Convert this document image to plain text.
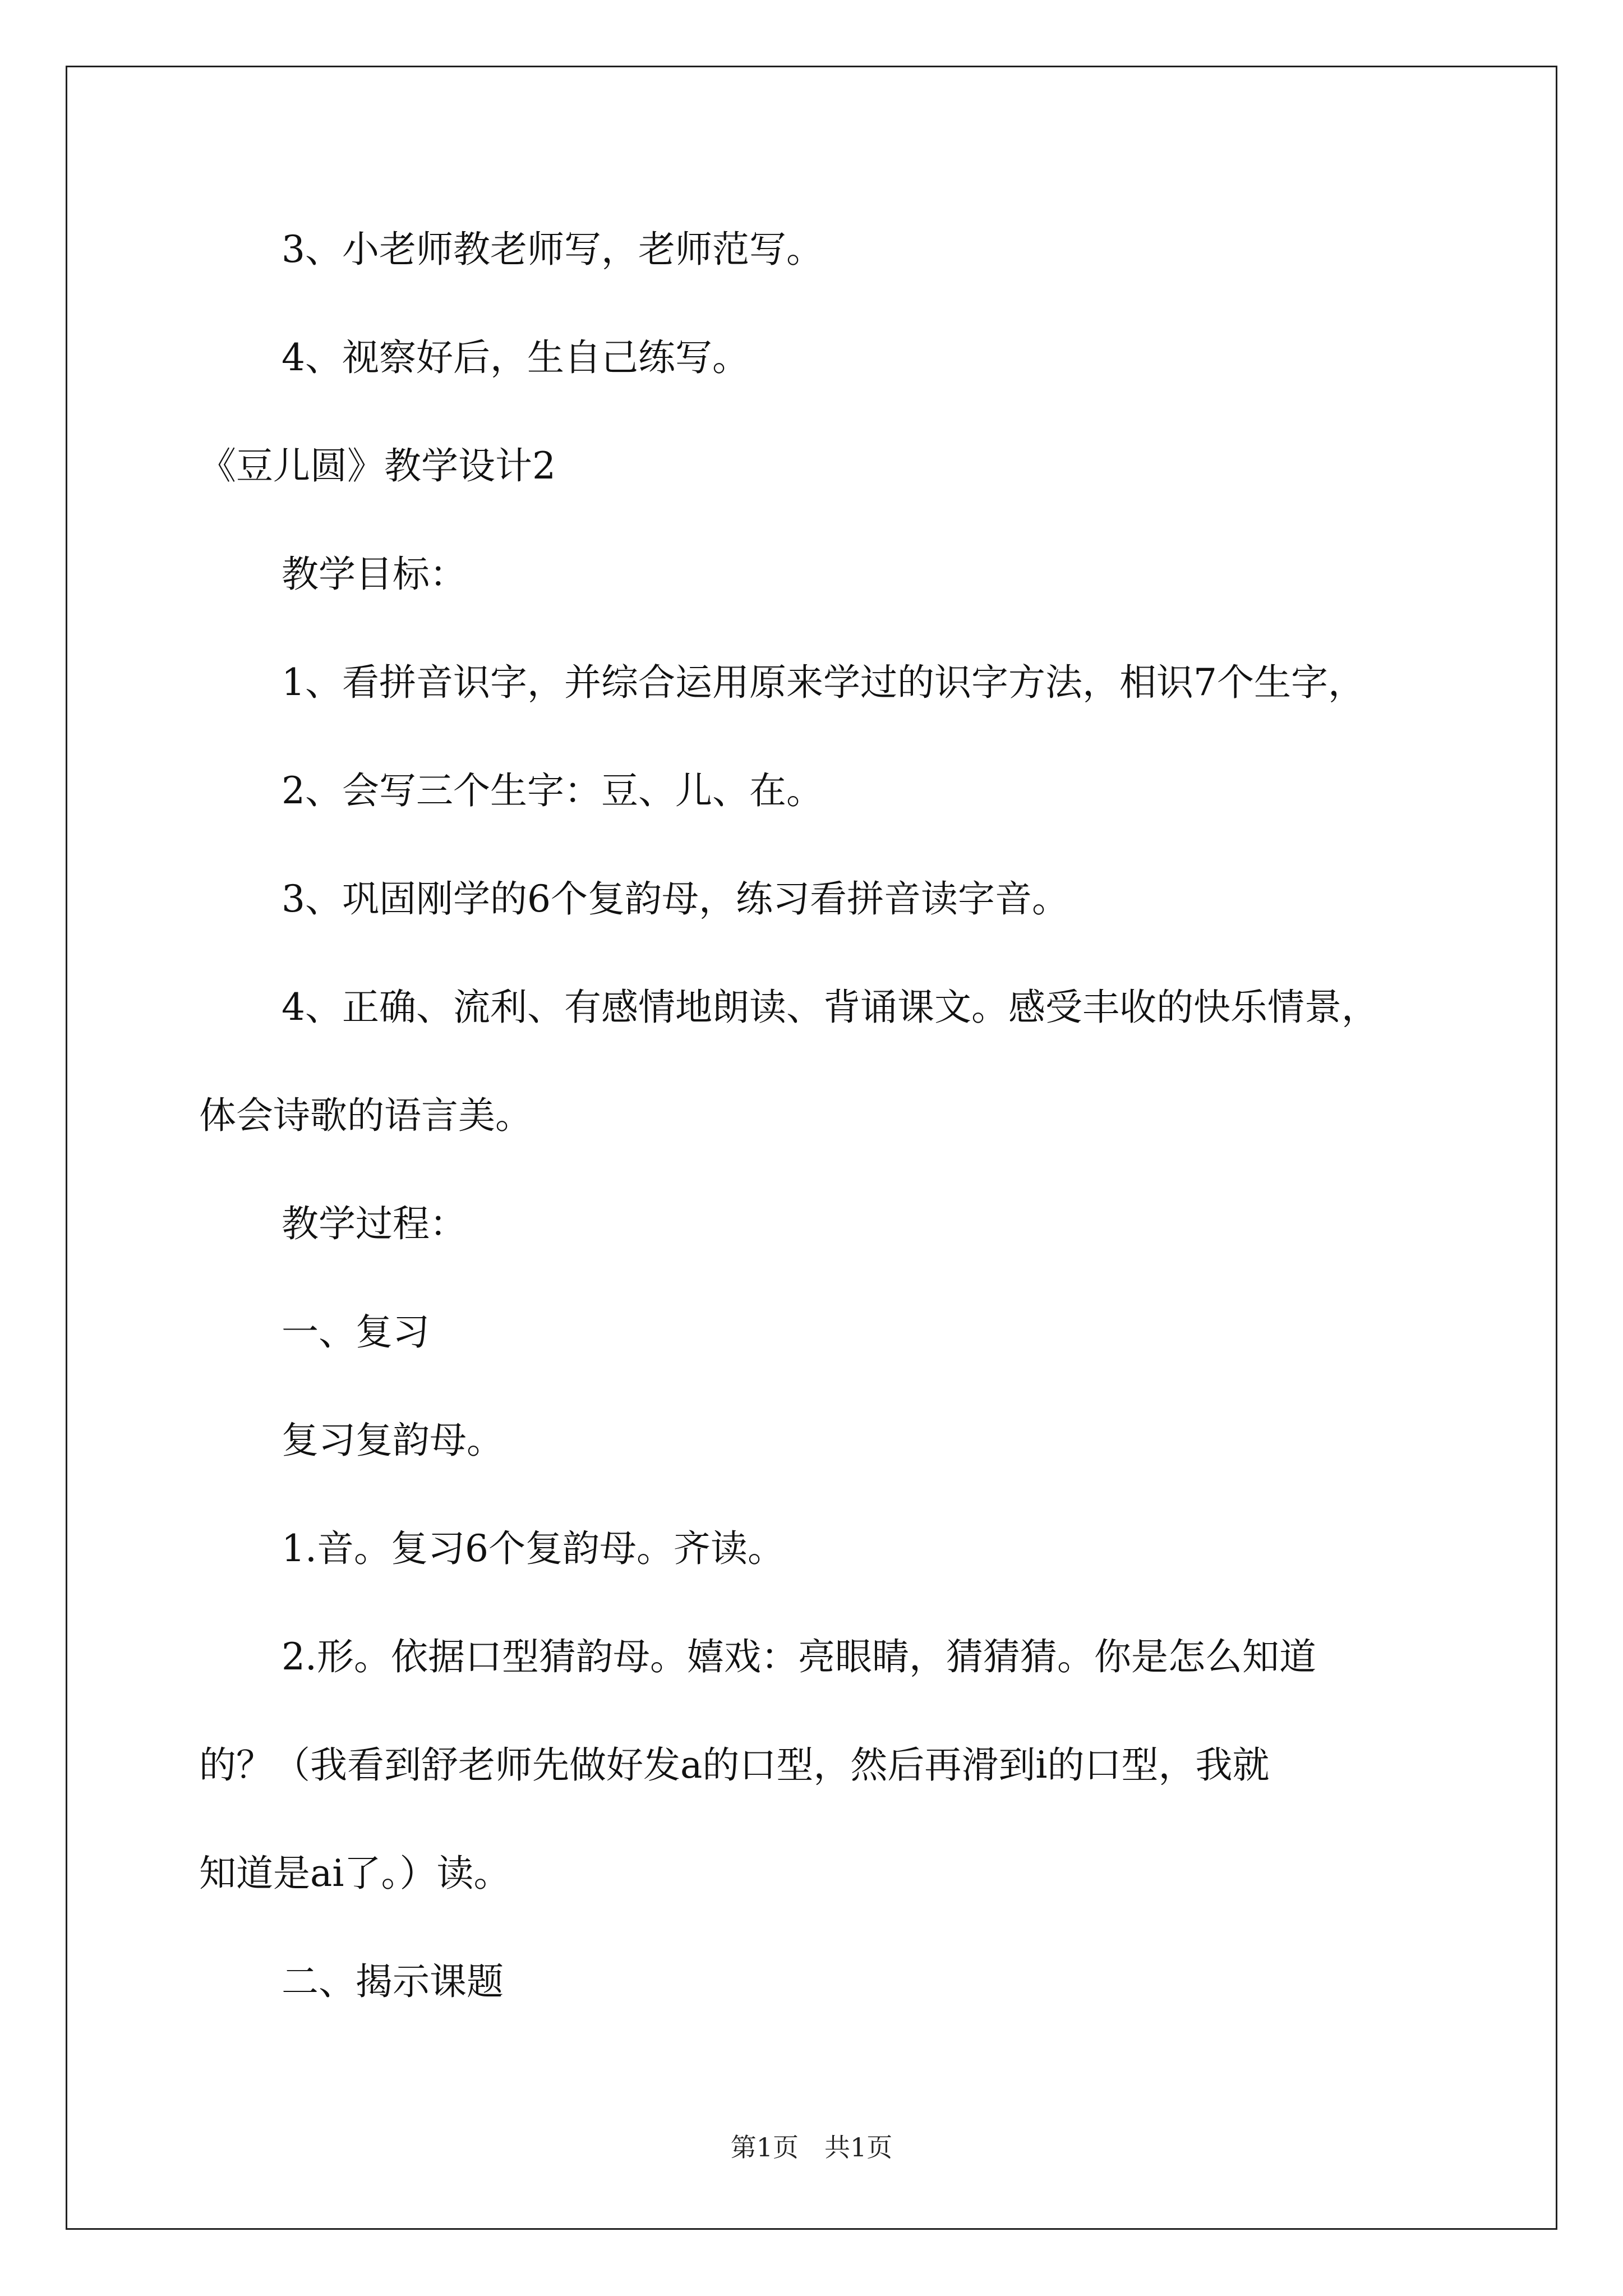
3、小老师教老师写，老师范写。
4、视察好后，生自己练写。
《豆儿圆》教学设计2
教学目标：
1、看拼音识字，并综合运用原来学过的识字方法，相识7个生字，
2、会写三个生字：豆、儿、在。
3、巩固刚学的6个复韵母，练习看拼音读字音。
4、正确、流利、有感情地朗读、背诵课文。感受丰收的快乐情景，
体会诗歌的语言美。
教学过程：
一、复习
复习复韵母。
1.音。复习6个复韵母。齐读。
2.形。依据口型猜韵母。嬉戏：亮眼睛，猜猜猜。你是怎么知道
的？（我看到舒老师先做好发a的口型，然后再滑到i的口型，我就
知道是ai了。）读。
二、揭示课题
第1页　共1页
